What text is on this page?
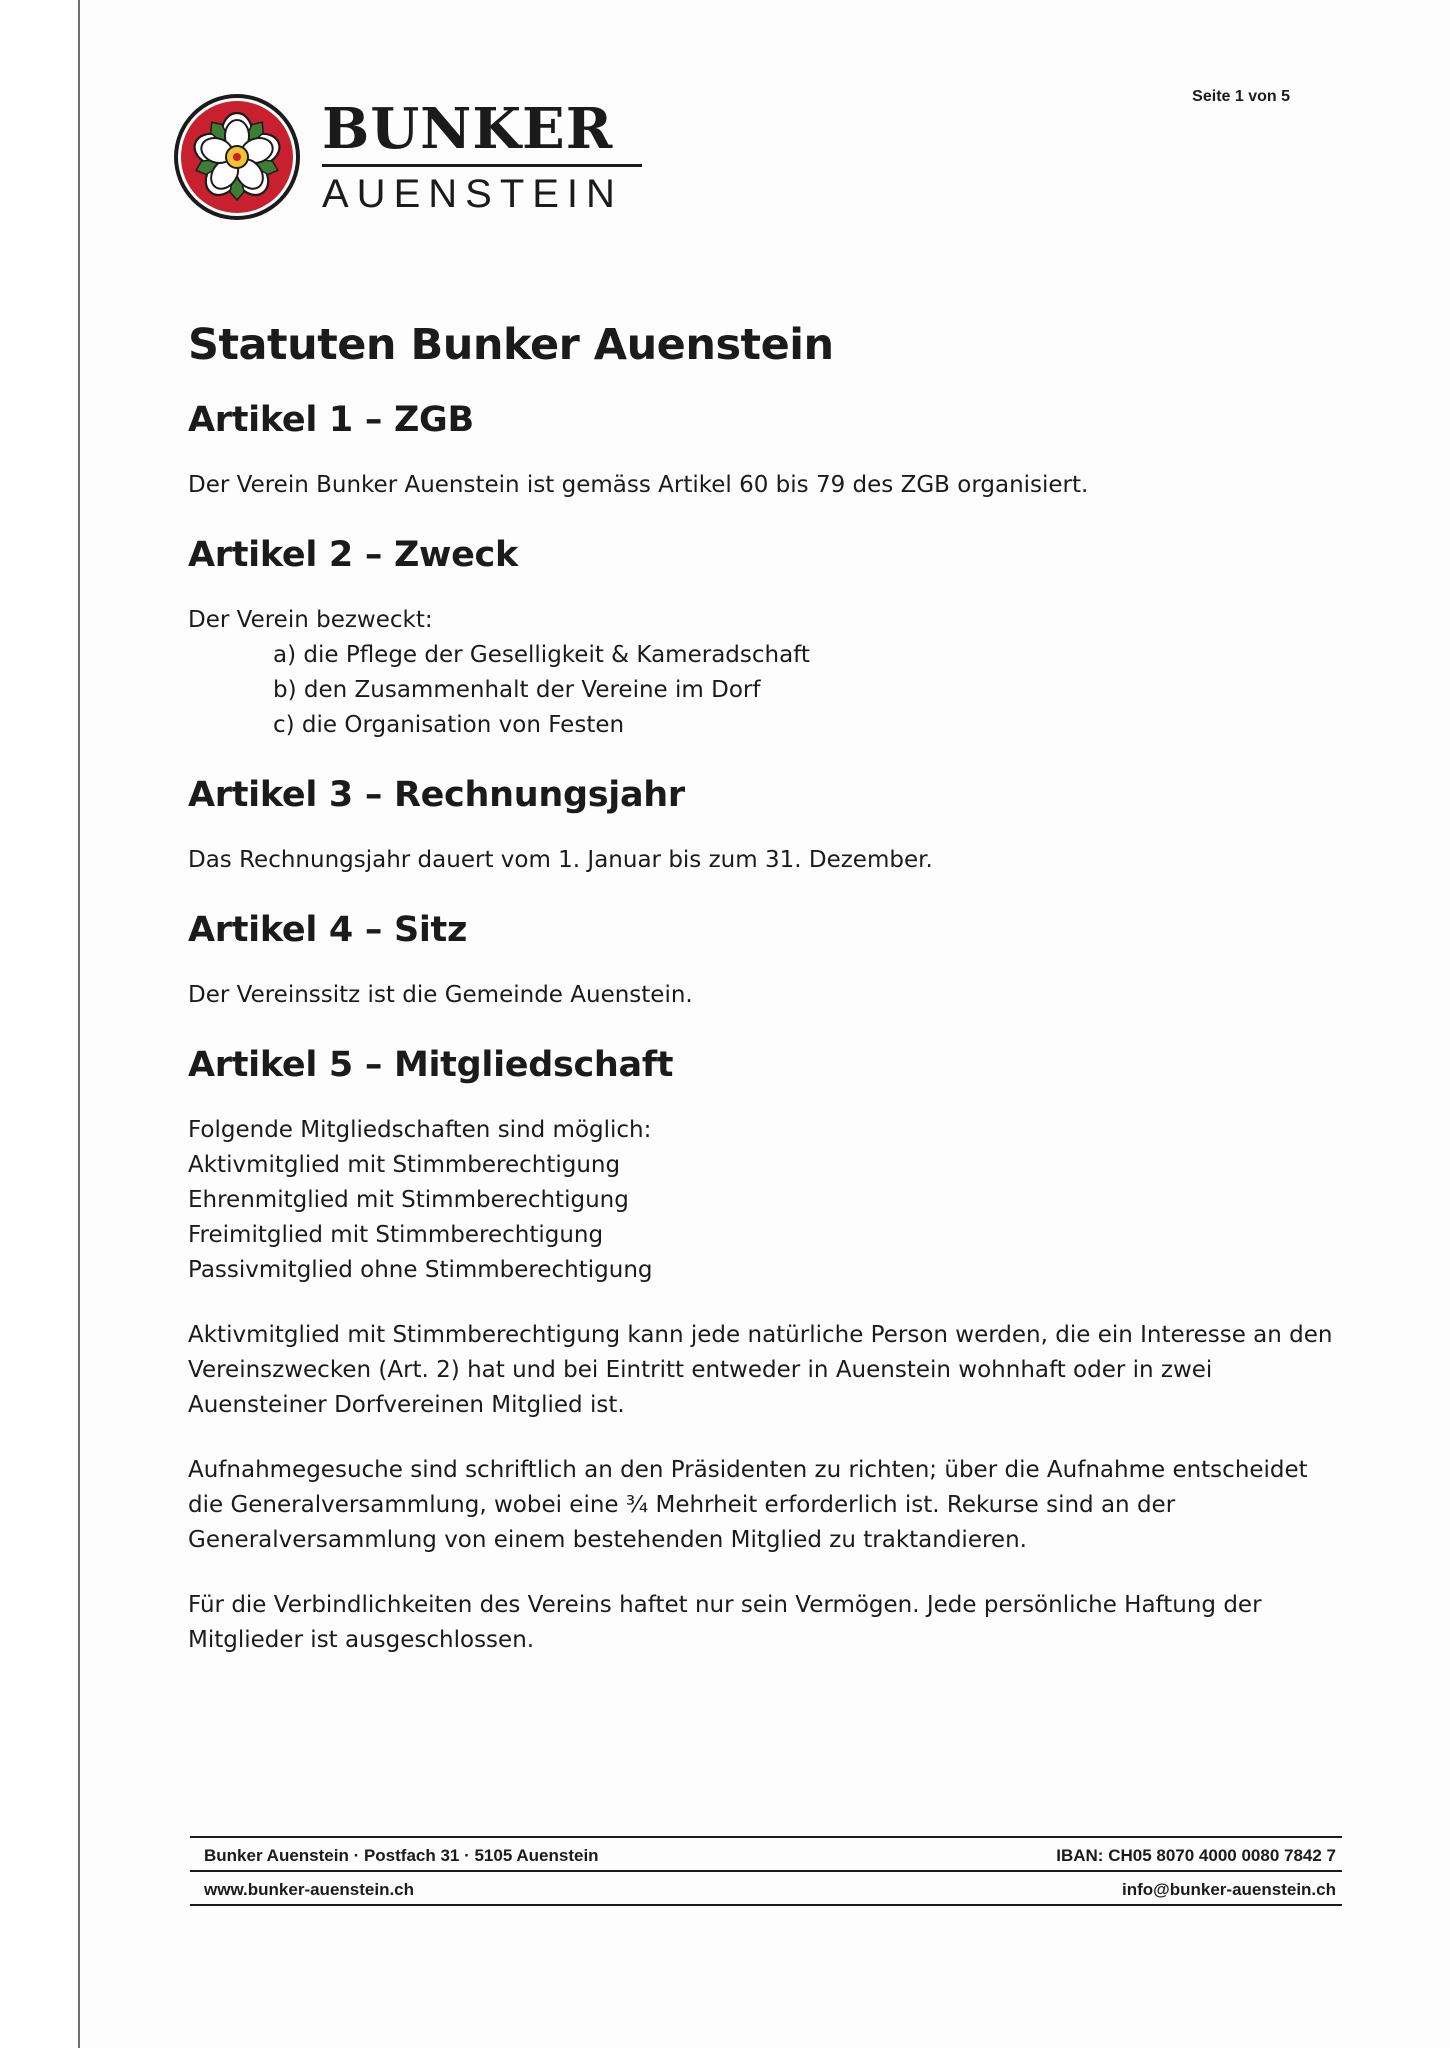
BUNKER
AUENSTEIN
Seite 1 von 5
Statuten Bunker Auenstein
Artikel 1 – ZGB

Der Verein Bunker Auenstein ist gemäss Artikel 60 bis 79 des ZGB organisiert.

Artikel 2 – Zweck

Der Verein bezweckt:

a) die Pflege der Geselligkeit & Kameradschaft
b) den Zusammenhalt der Vereine im Dorf
c) die Organisation von Festen
Artikel 3 – Rechnungsjahr

Das Rechnungsjahr dauert vom 1. Januar bis zum 31. Dezember.

Artikel 4 – Sitz

Der Vereinssitz ist die Gemeinde Auenstein.

Artikel 5 – Mitgliedschaft

Folgende Mitgliedschaften sind möglich:

Aktivmitglied mit Stimmberechtigung

Ehrenmitglied mit Stimmberechtigung

Freimitglied mit Stimmberechtigung

Passivmitglied ohne Stimmberechtigung

Aktivmitglied mit Stimmberechtigung kann jede natürliche Person werden, die ein Interesse an den Vereinszwecken (Art. 2) hat und bei Eintritt entweder in Auenstein wohnhaft oder in zwei Auensteiner Dorfvereinen Mitglied ist.

Aufnahmegesuche sind schriftlich an den Präsidenten zu richten; über die Aufnahme entscheidet die Generalversammlung, wobei eine ¾ Mehrheit erforderlich ist. Rekurse sind an der Generalversammlung von einem bestehenden Mitglied zu traktandieren.

Für die Verbindlichkeiten des Vereins haftet nur sein Vermögen. Jede persönliche Haftung der Mitglieder ist ausgeschlossen.

Bunker Auenstein · Postfach 31 · 5105 Auenstein	IBAN: CH05 8070 4000 0080 7842 7
www.bunker-auenstein.ch	info@bunker-auenstein.ch
